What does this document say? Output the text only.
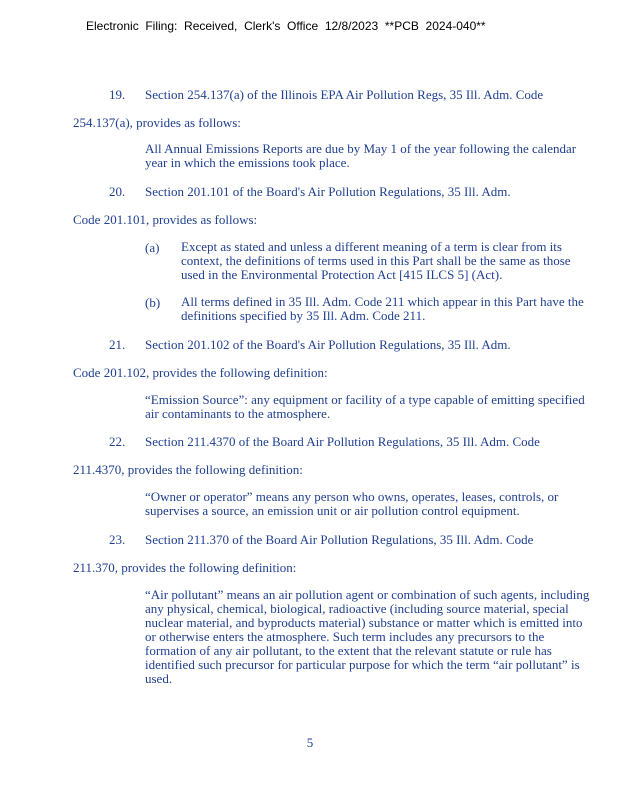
Electronic  Filing:  Received,  Clerk's  Office  12/8/2023  **PCB  2024-040**
19. Section 254.137(a) of the Illinois EPA Air Pollution Regs, 35 Ill. Adm. Code
254.137(a), provides as follows:
All Annual Emissions Reports are due by May 1 of the year following the calendar year in which the emissions took place.
20. Section 201.101 of the Board's Air Pollution Regulations, 35 Ill. Adm.
Code 201.101, provides as follows:
(a) Except as stated and unless a different meaning of a term is clear from its context, the definitions of terms used in this Part shall be the same as those used in the Environmental Protection Act [415 ILCS 5] (Act).
(b) All terms defined in 35 Ill. Adm. Code 211 which appear in this Part have the definitions specified by 35 Ill. Adm. Code 211.
21. Section 201.102 of the Board's Air Pollution Regulations, 35 Ill. Adm.
Code 201.102, provides the following definition:
“Emission Source”: any equipment or facility of a type capable of emitting specified air contaminants to the atmosphere.
22. Section 211.4370 of the Board Air Pollution Regulations, 35 Ill. Adm. Code
211.4370, provides the following definition:
“Owner or operator” means any person who owns, operates, leases, controls, or supervises a source, an emission unit or air pollution control equipment.
23. Section 211.370 of the Board Air Pollution Regulations, 35 Ill. Adm. Code
211.370, provides the following definition:
“Air pollutant” means an air pollution agent or combination of such agents, including any physical, chemical, biological, radioactive (including source material, special nuclear material, and byproducts material) substance or matter which is emitted into or otherwise enters the atmosphere. Such term includes any precursors to the formation of any air pollutant, to the extent that the relevant statute or rule has identified such precursor for particular purpose for which the term “air pollutant” is used.
5
